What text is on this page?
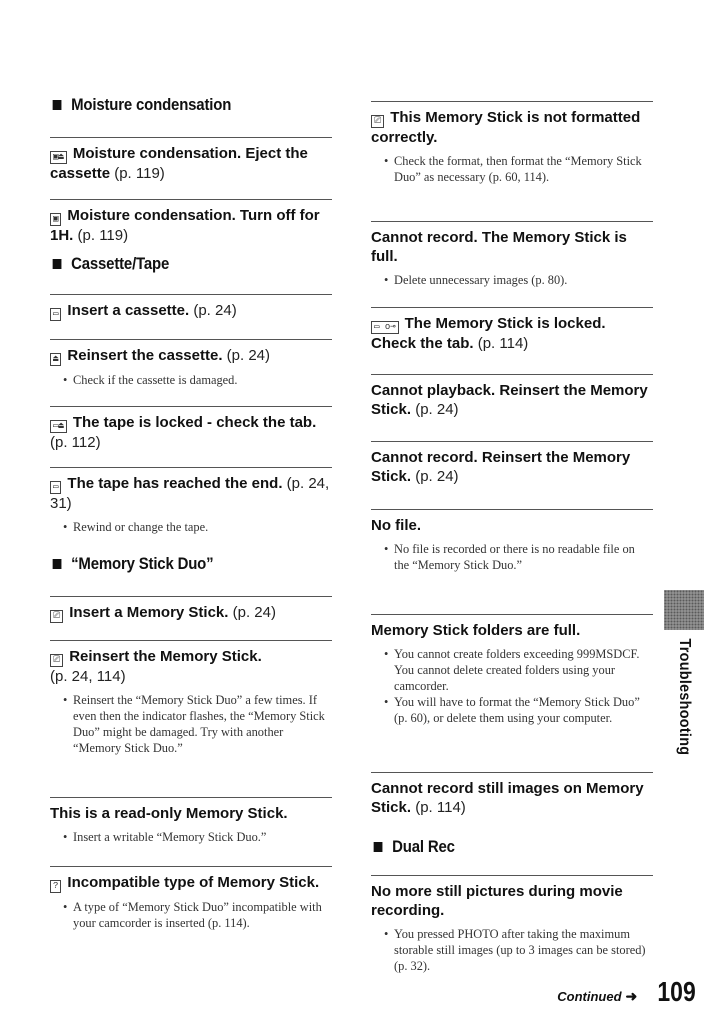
Moisture condensation

▣⏏ Moisture condensation. Eject the cassette (p. 119)

▣ Moisture condensation. Turn off for 1H. (p. 119)

Cassette/Tape

▭ Insert a cassette. (p. 24)

⏏ Reinsert the cassette. (p. 24)

• Check if the cassette is damaged.

▭⏏ The tape is locked - check the tab. (p. 112)

▭ The tape has reached the end. (p. 24, 31)

• Rewind or change the tape.
“Memory Stick Duo”

⎚ Insert a Memory Stick. (p. 24)

⎚ Reinsert the Memory Stick.
(p. 24, 114)

• Reinsert the “Memory Stick Duo” a few times. If even then the indicator flashes, the “Memory Stick Duo” might be damaged. Try with another “Memory Stick Duo.”

This is a read-only Memory Stick.

• Insert a writable “Memory Stick Duo.”

? Incompatible type of Memory Stick.

• A type of “Memory Stick Duo” incompatible with your camcorder is inserted (p. 114).

⎚ This Memory Stick is not formatted correctly.

• Check the format, then format the “Memory Stick Duo” as necessary (p. 60, 114).

Cannot record. The Memory Stick is full.

• Delete unnecessary images (p. 80).

▭ o⊸ The Memory Stick is locked. Check the tab. (p. 114)

Cannot playback. Reinsert the Memory Stick. (p. 24)

Cannot record. Reinsert the Memory Stick. (p. 24)

No file.

• No file is recorded or there is no readable file on the “Memory Stick Duo.”

Memory Stick folders are full.

• You cannot create folders exceeding 999MSDCF. You cannot delete created folders using your camcorder.
• You will have to format the “Memory Stick Duo” (p. 60), or delete them using your computer.

Cannot record still images on Memory Stick. (p. 114)

Dual Rec

No more still pictures during movie recording.

• You pressed PHOTO after taking the maximum storable still images (up to 3 images can be stored) (p. 32).
Troubleshooting
Continued ➜ 109
